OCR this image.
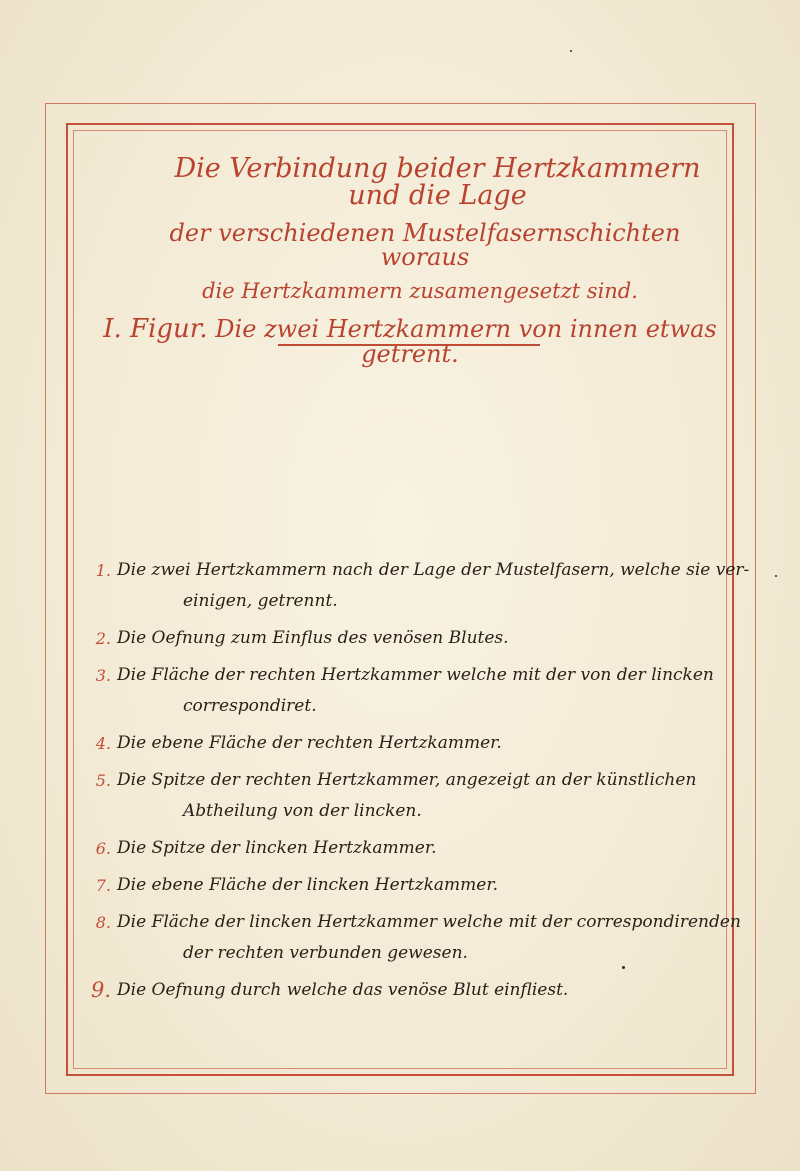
Die Verbindung beider Hertzkammern und die Lage
der verschiedenen Mustelfasernschichten woraus
die Hertzkammern zusamengesetzt sind.
I. Figur. Die zwei Hertzkammern von innen etwas getrent.
1. Die zwei Hertzkammern nach der Lage der Mustelfasern, welche sie ver-
einigen, getrennt.
2. Die Oefnung zum Einflus des venösen Blutes.
3. Die Fläche der rechten Hertzkammer welche mit der von der lincken
correspondiret.
4. Die ebene Fläche der rechten Hertzkammer.
5. Die Spitze der rechten Hertzkammer, angezeigt an der künstlichen
Abtheilung von der lincken.
6. Die Spitze der lincken Hertzkammer.
7. Die ebene Fläche der lincken Hertzkammer.
8. Die Fläche der lincken Hertzkammer welche mit der correspondirenden
der rechten verbunden gewesen.
9. Die Oefnung durch welche das venöse Blut einfliest.
